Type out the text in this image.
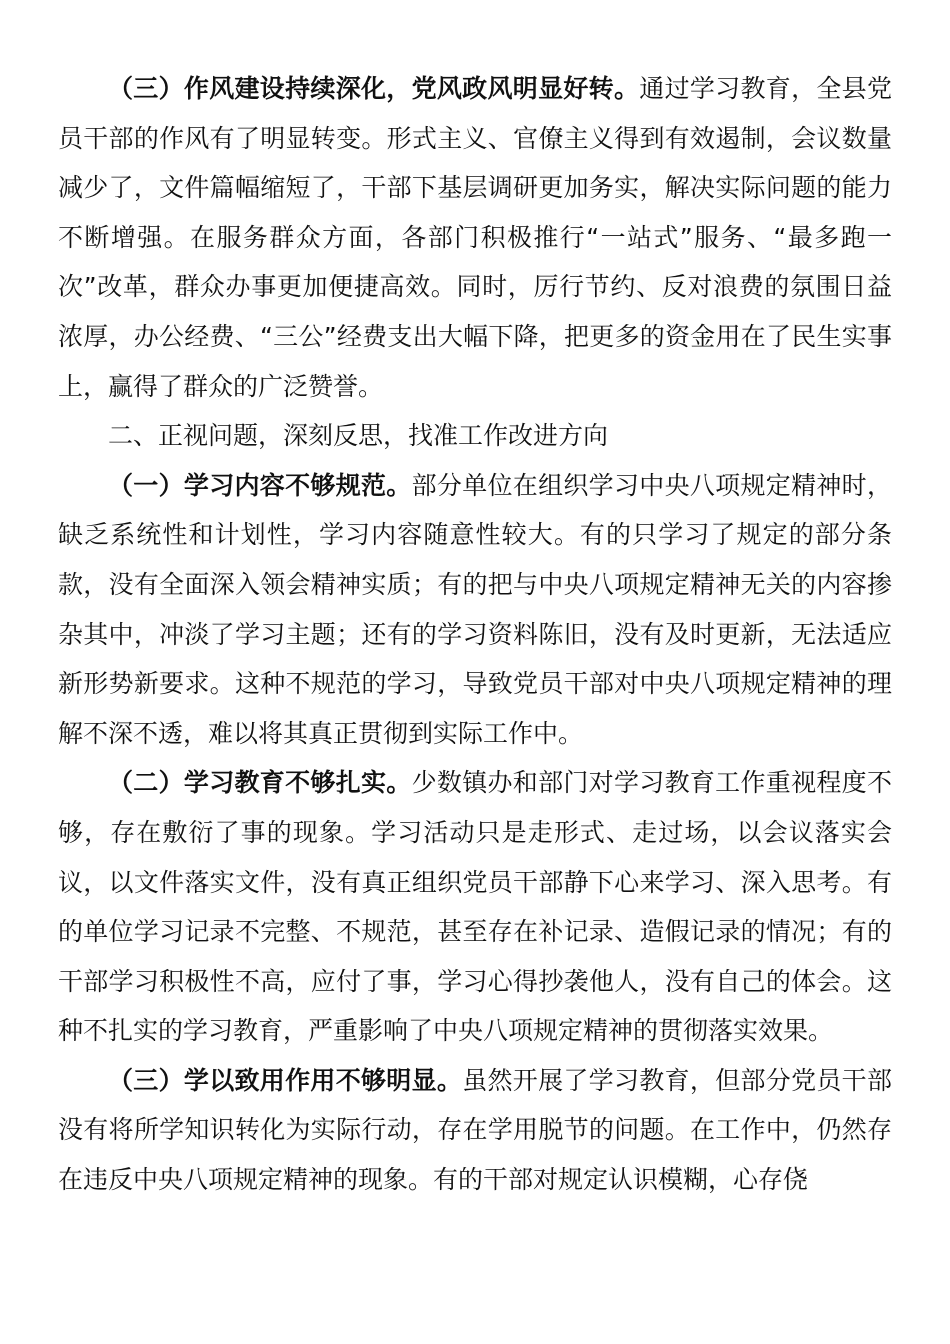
（三）作风建设持续深化，党风政风明显好转。通过学习教育，全县党员干部的作风有了明显转变。形式主义、官僚主义得到有效遏制，会议数量减少了，文件篇幅缩短了，干部下基层调研更加务实，解决实际问题的能力不断增强。在服务群众方面，各部门积极推行“一站式”服务、“最多跑一次”改革，群众办事更加便捷高效。同时，厉行节约、反对浪费的氛围日益浓厚，办公经费、“三公”经费支出大幅下降，把更多的资金用在了民生实事上，赢得了群众的广泛赞誉。

二、正视问题，深刻反思，找准工作改进方向

（一）学习内容不够规范。部分单位在组织学习中央八项规定精神时，缺乏系统性和计划性，学习内容随意性较大。有的只学习了规定的部分条款，没有全面深入领会精神实质；有的把与中央八项规定精神无关的内容掺杂其中，冲淡了学习主题；还有的学习资料陈旧，没有及时更新，无法适应新形势新要求。这种不规范的学习，导致党员干部对中央八项规定精神的理解不深不透，难以将其真正贯彻到实际工作中。

（二）学习教育不够扎实。少数镇办和部门对学习教育工作重视程度不够，存在敷衍了事的现象。学习活动只是走形式、走过场，以会议落实会议，以文件落实文件，没有真正组织党员干部静下心来学习、深入思考。有的单位学习记录不完整、不规范，甚至存在补记录、造假记录的情况；有的干部学习积极性不高，应付了事，学习心得抄袭他人，没有自己的体会。这种不扎实的学习教育，严重影响了中央八项规定精神的贯彻落实效果。

（三）学以致用作用不够明显。虽然开展了学习教育，但部分党员干部没有将所学知识转化为实际行动，存在学用脱节的问题。在工作中，仍然存在违反中央八项规定精神的现象。有的干部对规定认识模糊，心存侥
